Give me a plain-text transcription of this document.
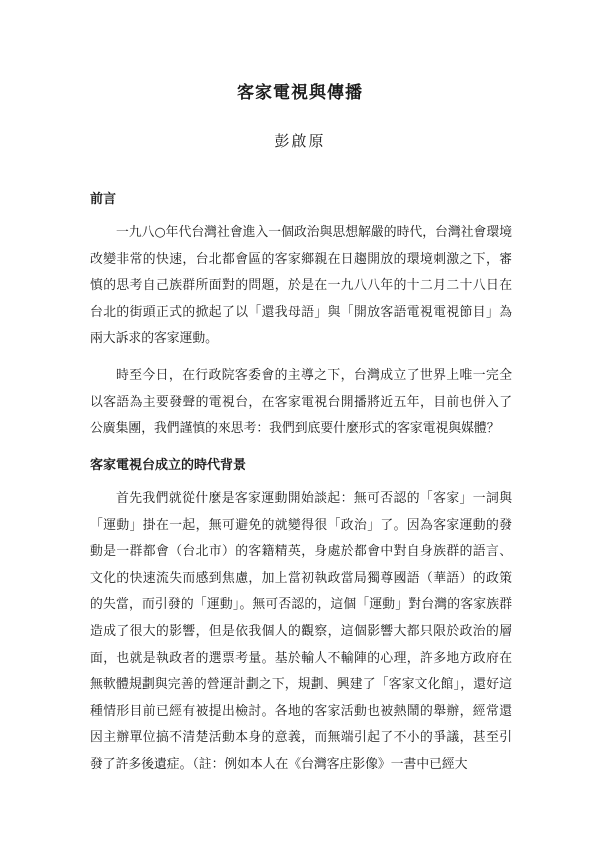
客家電視與傳播

彭啟原

前言

一九八○年代台灣社會進入一個政治與思想解嚴的時代，台灣社會環境改變非常的快速，台北都會區的客家鄉親在日趨開放的環境刺激之下，審慎的思考自己族群所面對的問題，於是在一九八八年的十二月二十八日在台北的街頭正式的掀起了以「還我母語」與「開放客語電視電視節目」為兩大訴求的客家運動。

時至今日，在行政院客委會的主導之下，台灣成立了世界上唯一完全以客語為主要發聲的電視台，在客家電視台開播將近五年，目前也併入了公廣集團，我們謹慎的來思考：我們到底要什麼形式的客家電視與媒體？

客家電視台成立的時代背景

首先我們就從什麼是客家運動開始談起：無可否認的「客家」一詞與「運動」掛在一起，無可避免的就變得很「政治」了。因為客家運動的發動是一群都會（台北市）的客籍精英，身處於都會中對自身族群的語言、文化的快速流失而感到焦慮，加上當初執政當局獨尊國語（華語）的政策的失當，而引發的「運動」。無可否認的，這個「運動」對台灣的客家族群造成了很大的影響，但是依我個人的觀察，這個影響大都只限於政治的層面，也就是執政者的選票考量。基於輸人不輸陣的心理，許多地方政府在無軟體規劃與完善的營運計劃之下，規劃、興建了「客家文化館」，還好這種情形目前已經有被提出檢討。各地的客家活動也被熱鬧的舉辦，經常還因主辦單位搞不清楚活動本身的意義，而無端引起了不小的爭議，甚至引發了許多後遺症。（註：例如本人在《台灣客庄影像》一書中已經大
